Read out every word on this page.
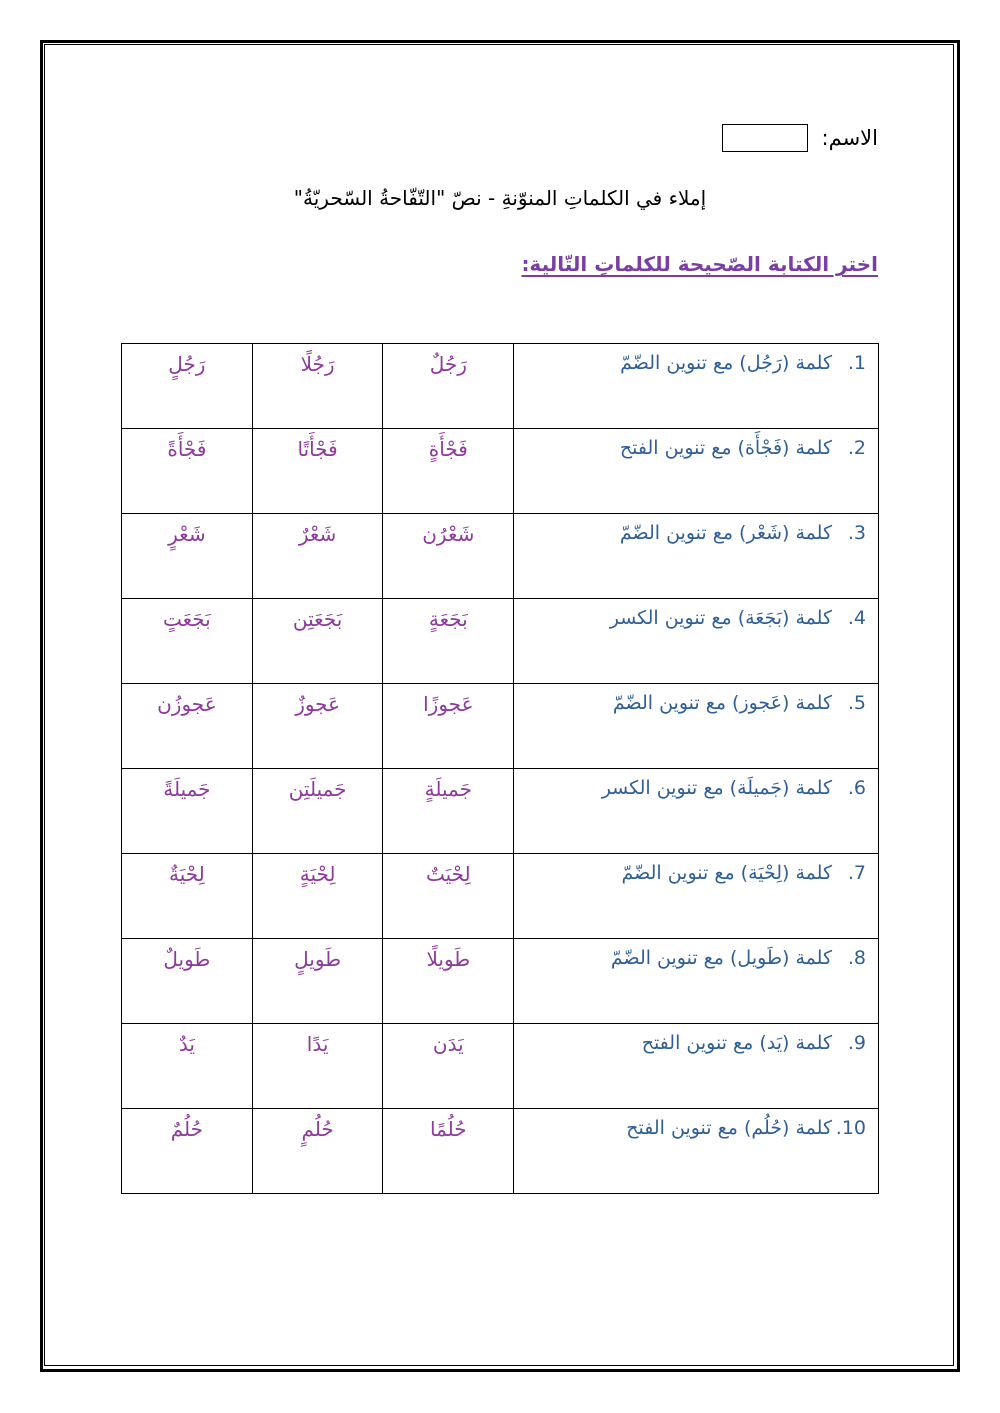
الاسم:
إملاء في الكلماتِ المنوّنةِ - نصّ "التّفّاحةُ السّحريّةُ"
اختر الكتابة الصّحيحة للكلماتِ التّالية:
1.كلمة (رَجُل) مع تنوين الضّمّ	رَجُلٌ	رَجُلًا	رَجُلٍ

2.كلمة (فَجْأَة) مع تنوين الفتح	فَجْأَةٍ	فَجْأَتًا	فَجْأَةً

3.كلمة (شَعْر) مع تنوين الضّمّ	شَعْرُن	شَعْرٌ	شَعْرٍ

4.كلمة (بَجَعَة) مع تنوين الكسر	بَجَعَةٍ	بَجَعَتِن	بَجَعَتٍ

5.كلمة (عَجوز) مع تنوين الضّمّ	عَجوزًا	عَجوزٌ	عَجوزُن

6.كلمة (جَميلَة) مع تنوين الكسر	جَميلَةٍ	جَميلَتِن	جَميلَةً

7.كلمة (لِحْيَة) مع تنوين الضّمّ	لِحْيَتٌ	لِحْيَةٍ	لِحْيَةٌ

8.كلمة (طَويل) مع تنوين الضّمّ	طَويلًا	طَويلٍ	طَويلٌ

9.كلمة (يَد) مع تنوين الفتح	يَدَن	يَدًا	يَدٌ

10.كلمة (حُلُم) مع تنوين الفتح	حُلُمًا	حُلُمٍ	حُلُمٌ
